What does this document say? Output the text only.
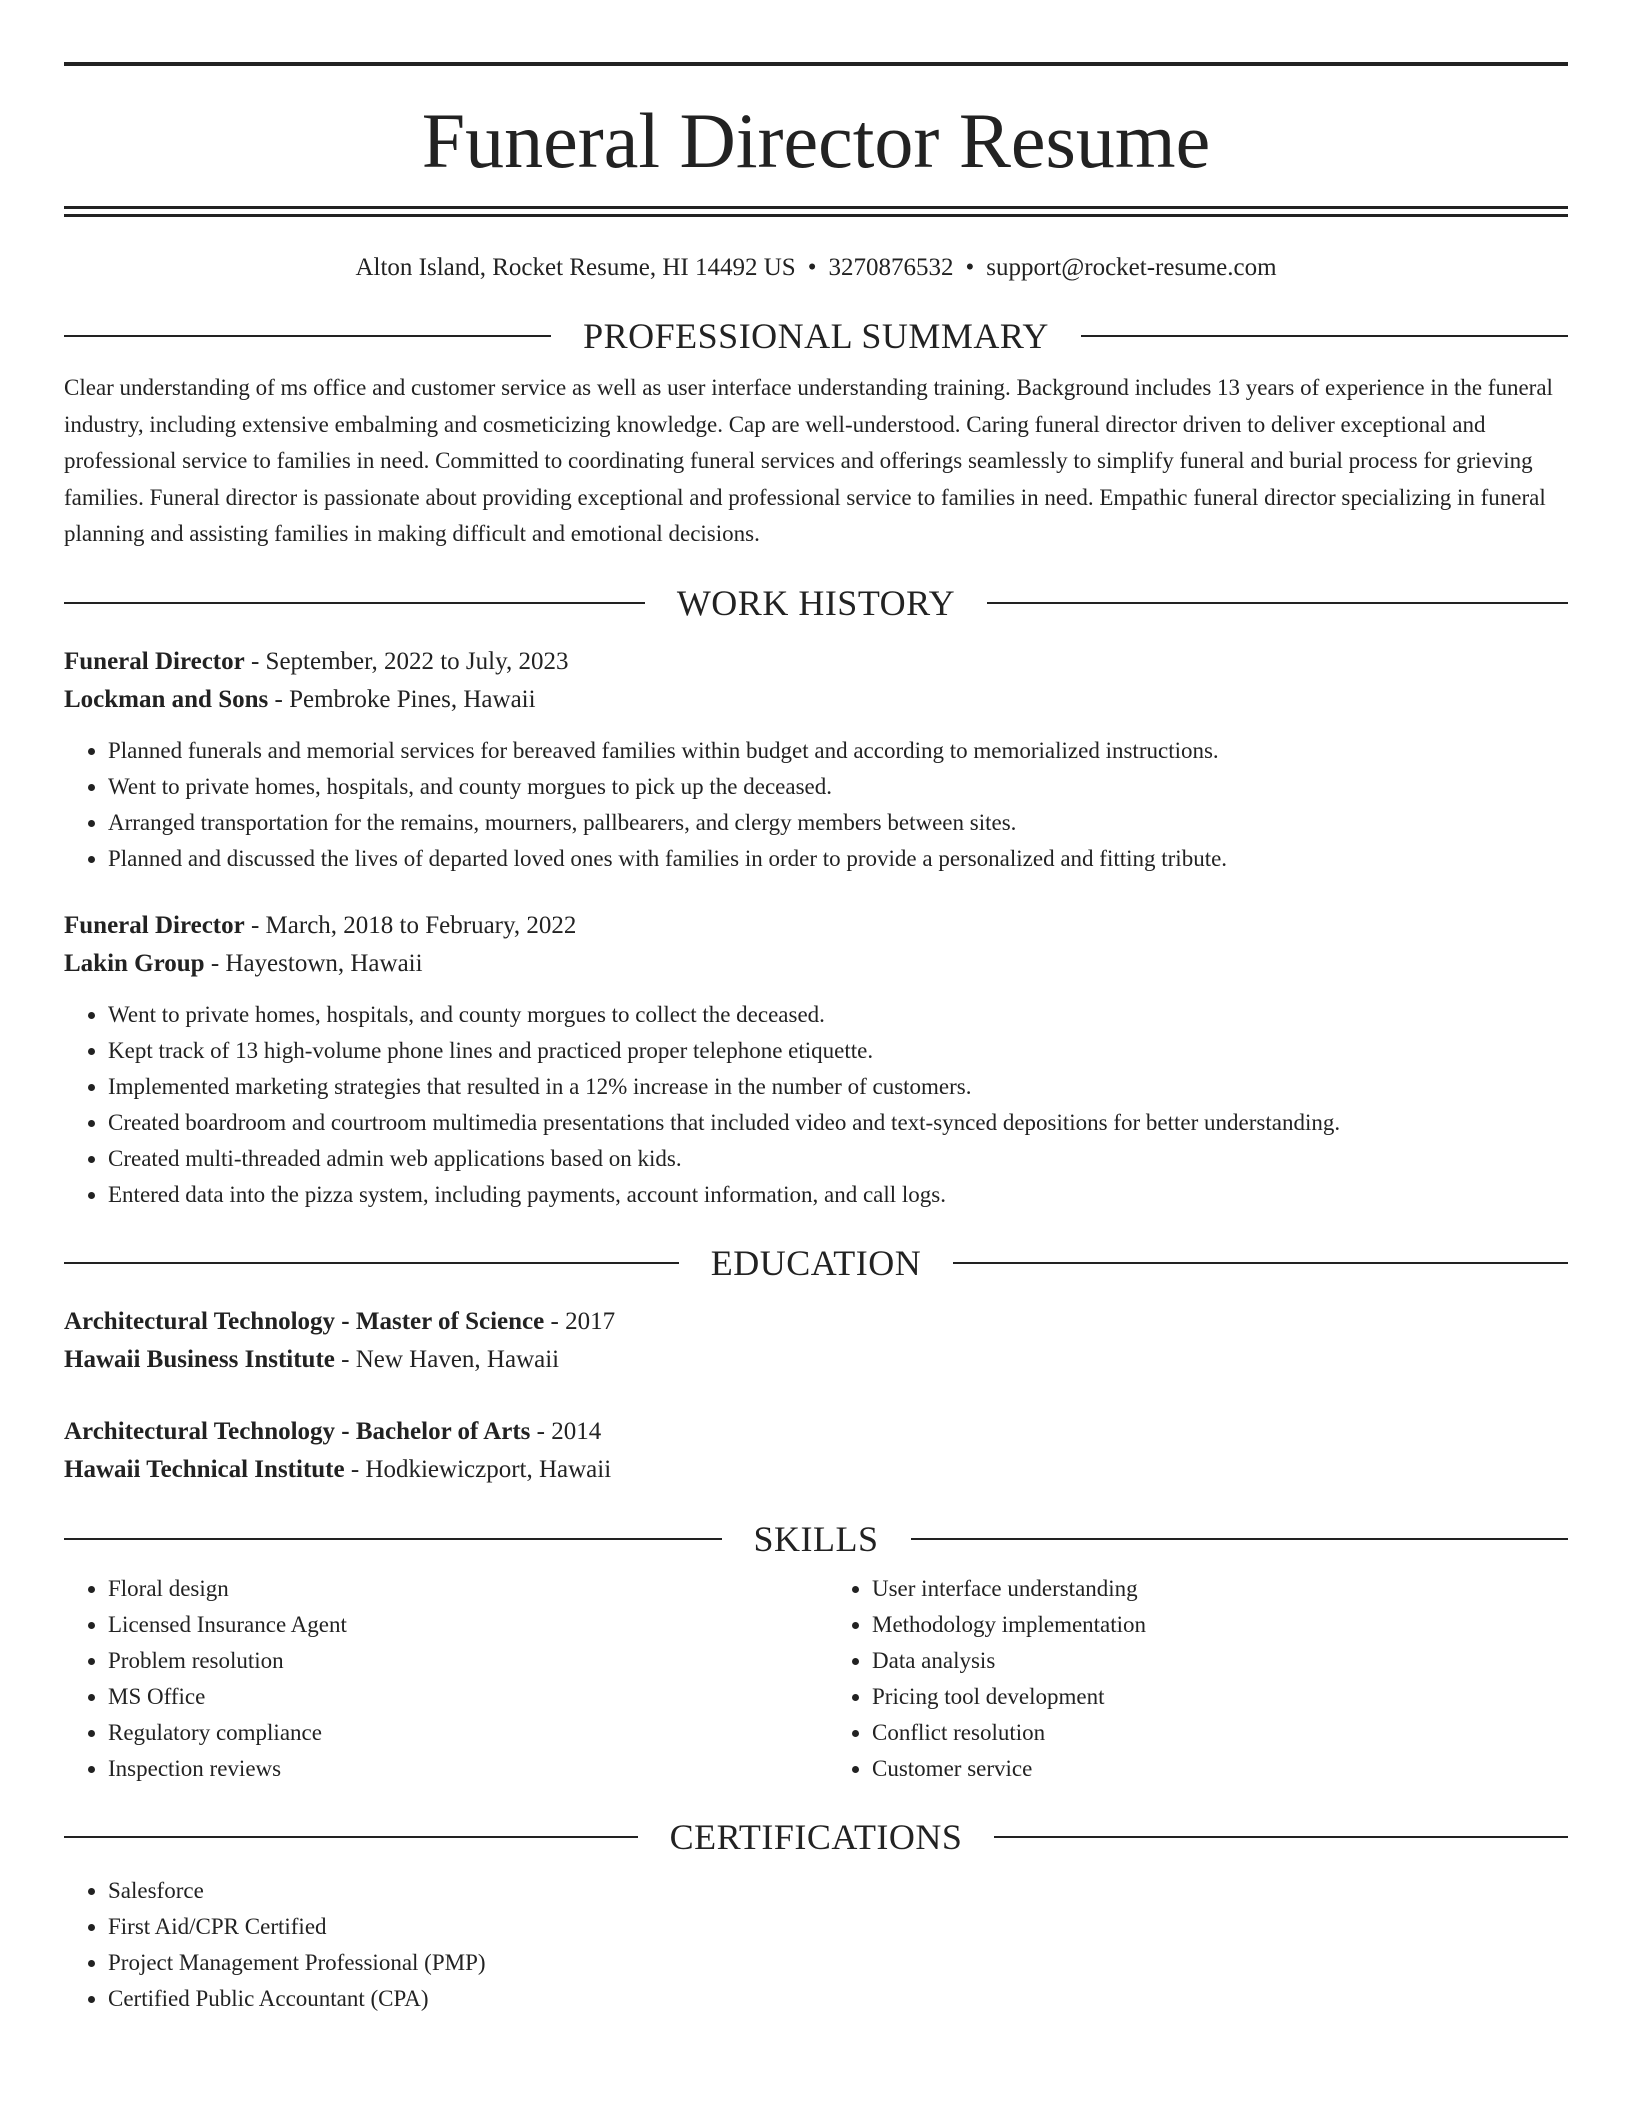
Funeral Director Resume
Alton Island, Rocket Resume, HI 14492 US • 3270876532 • support@rocket-resume.com
PROFESSIONAL SUMMARY
Clear understanding of ms office and customer service as well as user interface understanding training. Background includes 13 years of experience in the funeral industry, including extensive embalming and cosmeticizing knowledge. Cap are well-understood. Caring funeral director driven to deliver exceptional and professional service to families in need. Committed to coordinating funeral services and offerings seamlessly to simplify funeral and burial process for grieving families. Funeral director is passionate about providing exceptional and professional service to families in need. Empathic funeral director specializing in funeral planning and assisting families in making difficult and emotional decisions.
WORK HISTORY
Funeral Director - September, 2022 to July, 2023
Lockman and Sons - Pembroke Pines, Hawaii
• Planned funerals and memorial services for bereaved families within budget and according to memorialized instructions.
• Went to private homes, hospitals, and county morgues to pick up the deceased.
• Arranged transportation for the remains, mourners, pallbearers, and clergy members between sites.
• Planned and discussed the lives of departed loved ones with families in order to provide a personalized and fitting tribute.
Funeral Director - March, 2018 to February, 2022
Lakin Group - Hayestown, Hawaii
• Went to private homes, hospitals, and county morgues to collect the deceased.
• Kept track of 13 high-volume phone lines and practiced proper telephone etiquette.
• Implemented marketing strategies that resulted in a 12% increase in the number of customers.
• Created boardroom and courtroom multimedia presentations that included video and text-synced depositions for better understanding.
• Created multi-threaded admin web applications based on kids.
• Entered data into the pizza system, including payments, account information, and call logs.
EDUCATION
Architectural Technology - Master of Science - 2017
Hawaii Business Institute - New Haven, Hawaii
Architectural Technology - Bachelor of Arts - 2014
Hawaii Technical Institute - Hodkiewiczport, Hawaii
SKILLS
• Floral design
• Licensed Insurance Agent
• Problem resolution
• MS Office
• Regulatory compliance
• Inspection reviews
• User interface understanding
• Methodology implementation
• Data analysis
• Pricing tool development
• Conflict resolution
• Customer service
CERTIFICATIONS
• Salesforce
• First Aid/CPR Certified
• Project Management Professional (PMP)
• Certified Public Accountant (CPA)
